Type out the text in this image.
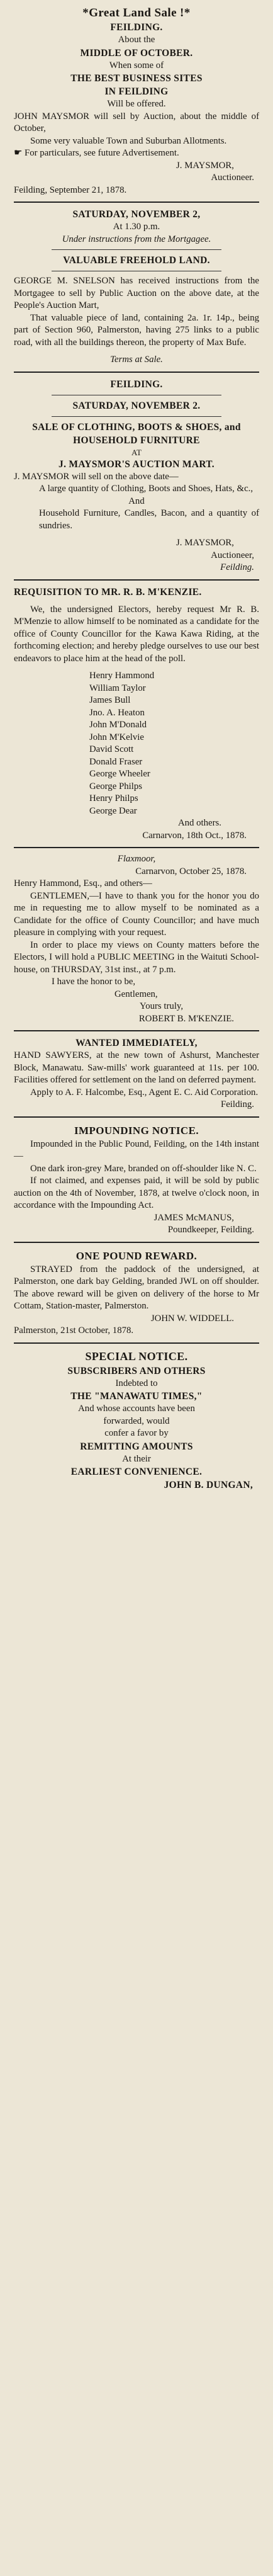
*Great Land Sale !*
FEILDING.
About the
MIDDLE OF OCTOBER.
When some of
THE BEST BUSINESS SITES
IN FEILDING
Will be offered.

JOHN MAYSMOR will sell by Auction, about the middle of October,

Some very valuable Town and Suburban Allotments.

☛ For particulars, see future Advertisement.

J. MAYSMOR,
Auctioneer.
Feilding, September 21, 1878.
SATURDAY, NOVEMBER 2,
At 1.30 p.m.
Under instructions from the Mortgagee.
VALUABLE FREEHOLD LAND.

GEORGE M. SNELSON has received instructions from the Mortgagee to sell by Public Auction on the above date, at the People's Auction Mart,

That valuable piece of land, containing 2a. 1r. 14p., being part of Section 960, Palmerston, having 275 links to a public road, with all the buildings thereon, the property of Max Bufe.

Terms at Sale.
FEILDING.
SATURDAY, NOVEMBER 2.
SALE OF CLOTHING, BOOTS & SHOES, and HOUSEHOLD FURNITURE
AT
J. MAYSMOR'S AUCTION MART.

J. MAYSMOR will sell on the above date—

A large quantity of Clothing, Boots and Shoes, Hats, &c.,

And

Household Furniture, Candles, Bacon, and a quantity of sundries.

J. MAYSMOR,
Auctioneer,
Feilding.
REQUISITION TO MR. R. B. M'KENZIE.

We, the undersigned Electors, hereby request Mr R. B. M'Menzie to allow himself to be nominated as a candidate for the office of County Councillor for the Kawa Kawa Riding, at the forthcoming election; and hereby pledge ourselves to use our best endeavors to place him at the head of the poll.

Henry Hammond
William Taylor
James Bull
Jno. A. Heaton
John M'Donald
John M'Kelvie
David Scott
Donald Fraser
George Wheeler
George Philps
Henry Philps
George Dear
And others.
Carnarvon, 18th Oct., 1878.
Flaxmoor,
Carnarvon, October 25, 1878.
Henry Hammond, Esq., and others—

GENTLEMEN,—I have to thank you for the honor you do me in requesting me to allow myself to be nominated as a Candidate for the office of County Councillor; and have much pleasure in complying with your request.

In order to place my views on County matters before the Electors, I will hold a PUBLIC MEETING in the Waituti School-house, on THURSDAY, 31st inst., at 7 p.m.

I have the honor to be,
Gentlemen,
Yours truly,
ROBERT B. M'KENZIE.
WANTED IMMEDIATELY,

HAND SAWYERS, at the new town of Ashurst, Manchester Block, Manawatu. Saw-mills' work guaranteed at 11s. per 100. Facilities offered for settlement on the land on deferred payment.

Apply to A. F. Halcombe, Esq., Agent E. C. Aid Corporation.

Feilding.
IMPOUNDING NOTICE.

Impounded in the Public Pound, Feilding, on the 14th instant—

One dark iron-grey Mare, branded on off-shoulder like N. C.

If not claimed, and expenses paid, it will be sold by public auction on the 4th of November, 1878, at twelve o'clock noon, in accordance with the Impounding Act.

JAMES McMANUS,
Poundkeeper, Feilding.
ONE POUND REWARD.

STRAYED from the paddock of the undersigned, at Palmerston, one dark bay Gelding, branded JWL on off shoulder. The above reward will be given on delivery of the horse to Mr Cottam, Station-master, Palmerston.

JOHN W. WIDDELL.
Palmerston, 21st October, 1878.
SPECIAL NOTICE.
SUBSCRIBERS AND OTHERS
Indebted to
THE "MANAWATU TIMES,"
And whose accounts have been
forwarded, would
confer a favor by
REMITTING AMOUNTS
At their
EARLIEST CONVENIENCE.
JOHN B. DUNGAN,
